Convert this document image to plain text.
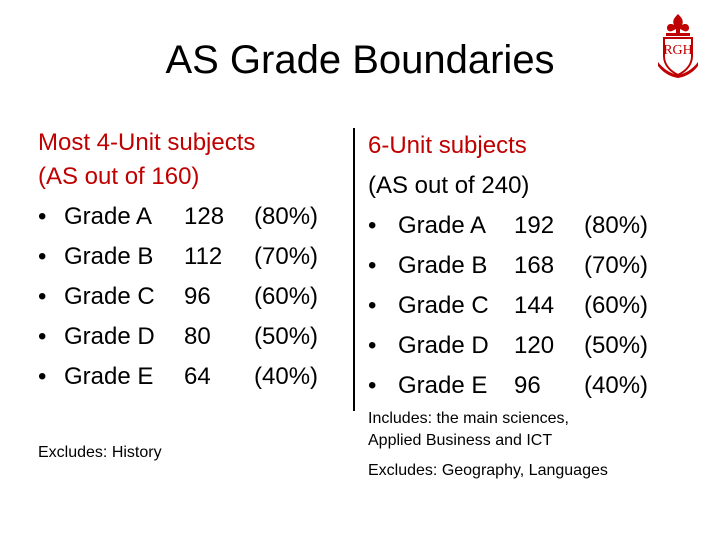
AS Grade Boundaries	RGH
Most 4-Unit subjects
(AS out of 160)
• Grade A 128 (80%)
• Grade B 112 (70%)
• Grade C 96 (60%)
• Grade D 80 (50%)
• Grade E 64 (40%)
Excludes: History
6-Unit subjects
(AS out of 240)
• Grade A 192 (80%)
• Grade B 168 (70%)
• Grade C 144 (60%)
• Grade D 120 (50%)
• Grade E 96 (40%)
Includes: the main sciences,
Applied Business and ICT
Excludes: Geography, Languages
